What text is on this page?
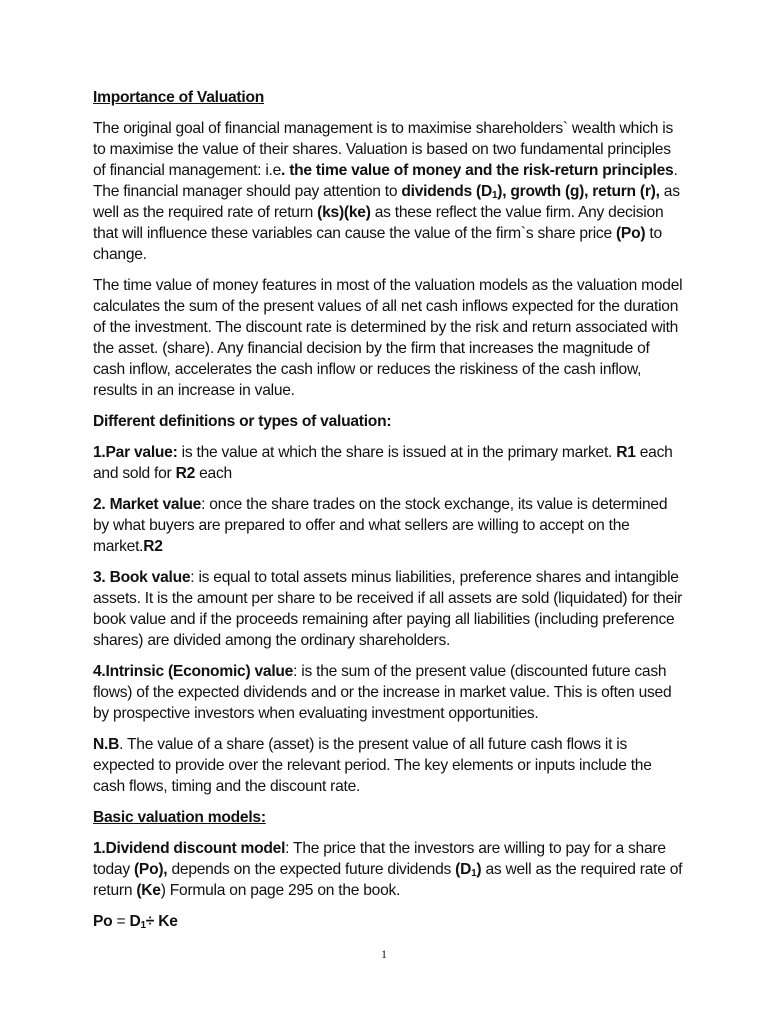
Importance of Valuation

The original goal of financial management is to maximise shareholders` wealth which is to maximise the value of their shares. Valuation is based on two fundamental principles of financial management: i.e. the time value of money and the risk-return principles. The financial manager should pay attention to dividends $(D_1)$, growth (g), return (r), as well as the required rate of return (ks)(ke) as these reflect the value firm. Any decision that will influence these variables can cause the value of the firm`s share price (Po) to change.

The time value of money features in most of the valuation models as the valuation model calculates the sum of the present values of all net cash inflows expected for the duration of the investment. The discount rate is determined by the risk and return associated with the asset. (share). Any financial decision by the firm that increases the magnitude of cash inflow, accelerates the cash inflow or reduces the riskiness of the cash inflow, results in an increase in value.

Different definitions or types of valuation:

1.Par value: is the value at which the share is issued at in the primary market. R1 each and sold for R2 each

2. Market value: once the share trades on the stock exchange, its value is determined by what buyers are prepared to offer and what sellers are willing to accept on the market.R2

3. Book value: is equal to total assets minus liabilities, preference shares and intangible assets. It is the amount per share to be received if all assets are sold (liquidated) for their book value and if the proceeds remaining after paying all liabilities (including preference shares) are divided among the ordinary shareholders.

4.Intrinsic (Economic) value: is the sum of the present value (discounted future cash flows) of the expected dividends and or the increase in market value. This is often used by prospective investors when evaluating investment opportunities.

N.B. The value of a share (asset) is the present value of all future cash flows it is expected to provide over the relevant period. The key elements or inputs include the cash flows, timing and the discount rate.

Basic valuation models:

1.Dividend discount model: The price that the investors are willing to pay for a share today (Po), depends on the expected future dividends $(D_1)$ as well as the required rate of return (Ke) Formula on page 295 on the book.

$Po = D_1\div Ke$

1
